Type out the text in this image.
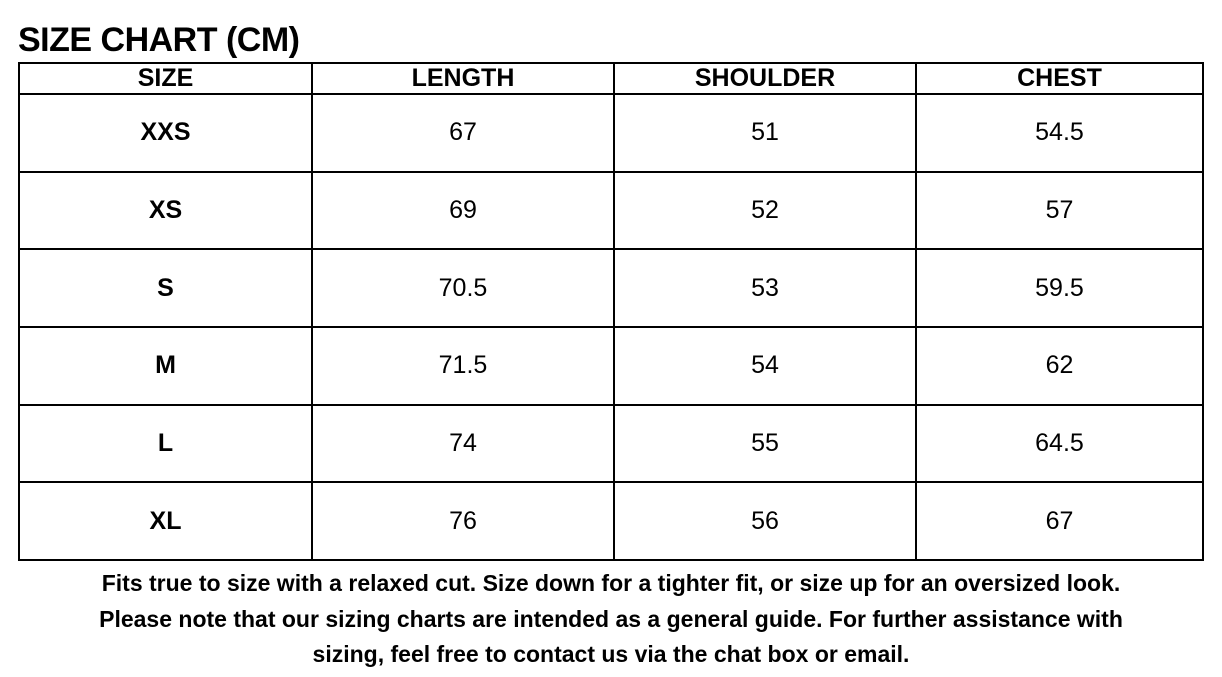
SIZE CHART (CM)
SIZE	LENGTH	SHOULDER	CHEST
XXS	67	51	54.5
XS	69	52	57
S	70.5	53	59.5
M	71.5	54	62
L	74	55	64.5
XL	76	56	67

Fits true to size with a relaxed cut. Size down for a tighter fit, or size up for an oversized look.

Please note that our sizing charts are intended as a general guide. For further assistance with

sizing, feel free to contact us via the chat box or email.
